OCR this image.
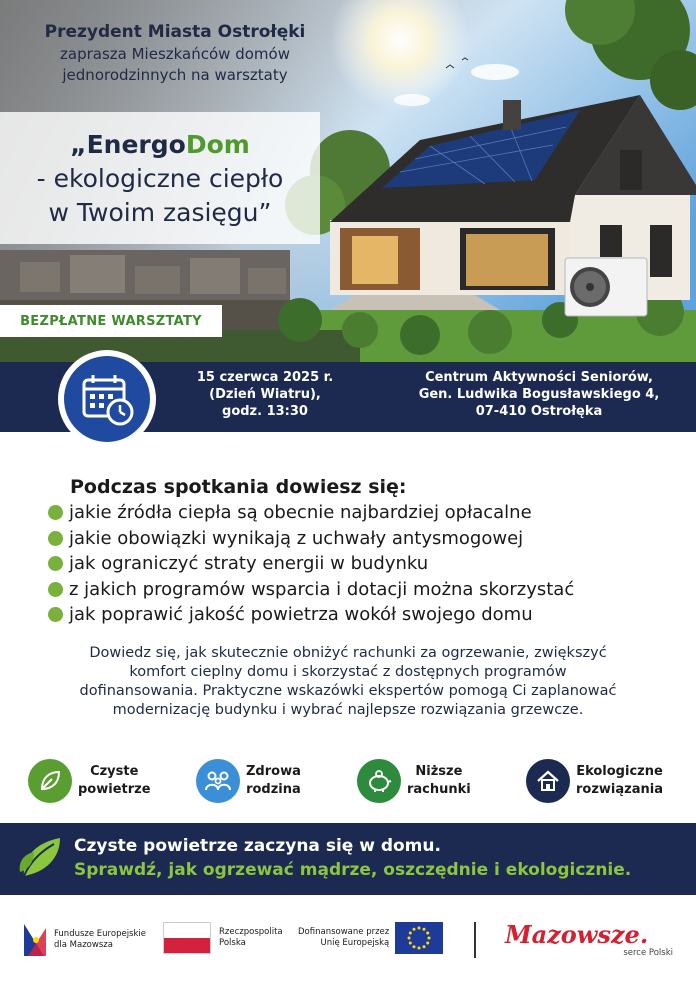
Prezydent Miasta Ostrołęki
zaprasza Mieszkańców domów
jednorodzinnych na warsztaty
„EnergoDom
- ekologiczne ciepło
w Twoim zasięgu”
BEZPŁATNE WARSZTATY
15 czerwca 2025 r.
(Dzień Wiatru),
godz. 13:30
Centrum Aktywności Seniorów,
Gen. Ludwika Bogusławskiego 4,
07-410 Ostrołęka
Podczas spotkania dowiesz się:
jakie źródła ciepła są obecnie najbardziej opłacalne
jakie obowiązki wynikają z uchwały antysmogowej
jak ograniczyć straty energii w budynku
z jakich programów wsparcia i dotacji można skorzystać
jak poprawić jakość powietrza wokół swojego domu
Dowiedz się, jak skutecznie obniżyć rachunki za ogrzewanie, zwiększyć
komfort cieplny domu i skorzystać z dostępnych programów
dofinansowania. Praktyczne wskazówki ekspertów pomogą Ci zaplanować
modernizację budynku i wybrać najlepsze rozwiązania grzewcze.
Czyste
powietrze
Zdrowa
rodzina
Niższe
rachunki
Ekologiczne
rozwiązania
Czyste powietrze zaczyna się w domu.
Sprawdź, jak ogrzewać mądrze, oszczędnie i ekologicznie.
Fundusze Europejskie
dla Mazowsza
Rzeczpospolita
Polska
Dofinansowane przez
Unię Europejską	Mazowsze.
serce Polski
